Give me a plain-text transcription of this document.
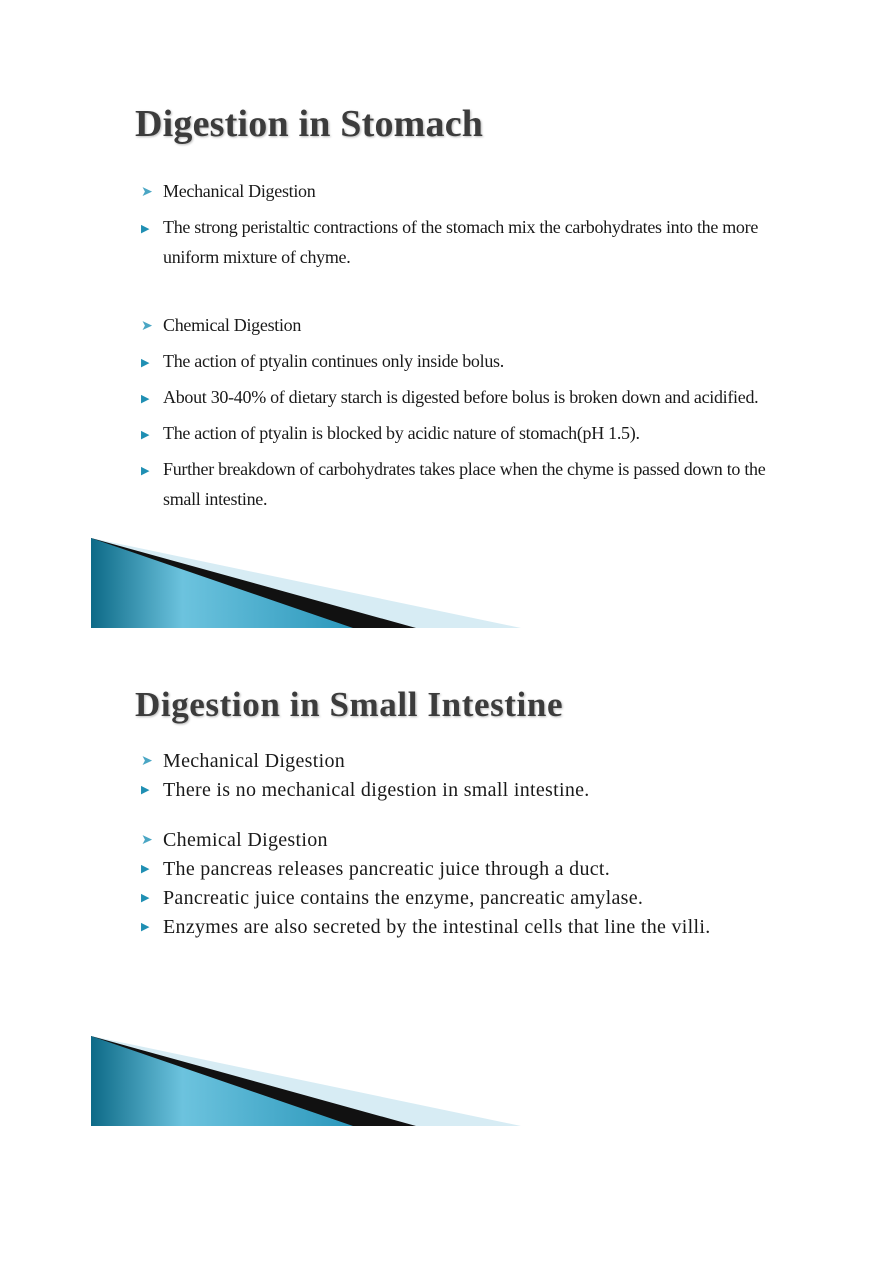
Digestion in Stomach

➤ Mechanical Digestion

▶ The strong peristaltic contractions of the stomach mix the carbohydrates into the more uniform mixture of chyme.

➤ Chemical Digestion

▶ The action of ptyalin continues only inside bolus.

▶ About 30-40% of dietary starch is digested before bolus is broken down and acidified.

▶ The action of ptyalin is blocked by acidic nature of stomach(pH 1.5).

▶ Further breakdown of carbohydrates takes place when the chyme is passed down to the small intestine.

Digestion in Small Intestine

➤ Mechanical Digestion

▶ There is no mechanical digestion in small intestine.

➤ Chemical Digestion

▶ The pancreas releases pancreatic juice through a duct.

▶ Pancreatic juice contains the enzyme, pancreatic amylase.

▶ Enzymes are also secreted by the intestinal cells that line the villi.
